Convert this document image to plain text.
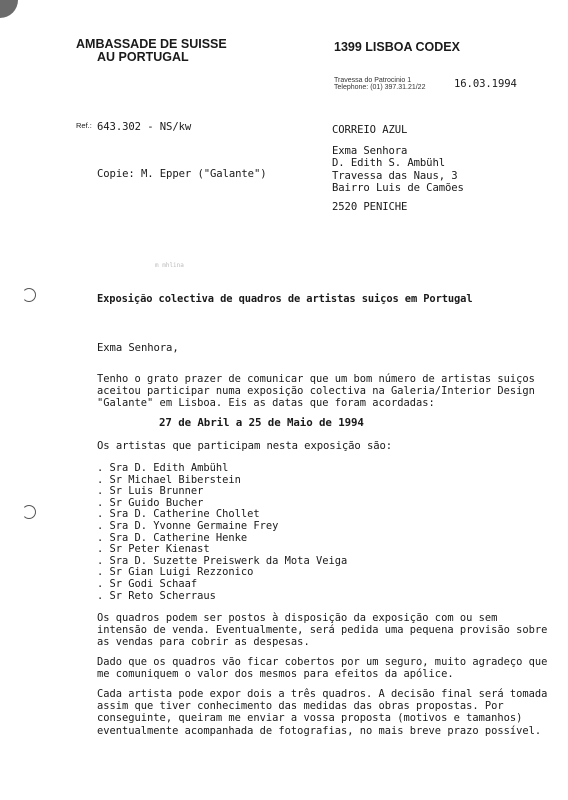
AMBASSADE DE SUISSE
AU PORTUGAL
1399 LISBOA CODEX
Travessa do Patrocinio 1
Telephone: (01) 397.31.21/22	16.03.1994
Ref.: 643.302 - NS/kw
Copie: M. Epper ("Galante")
CORREIO AZUL
Exma Senhora
D. Edith S. Ambühl
Travessa das Naus, 3
Bairro Luis de Camões
2520 PENICHE
m mhlina
Exposição colectiva de quadros de artistas suiços em Portugal
Exma Senhora,
Tenho o grato prazer de comunicar que um bom número de artistas suiços
aceitou participar numa exposição colectiva na Galeria/Interior Design
"Galante" em Lisboa. Eis as datas que foram acordadas:
27 de Abril a 25 de Maio de 1994
Os artistas que participam nesta exposição são:
. Sra D. Edith Ambühl
. Sr Michael Biberstein
. Sr Luis Brunner
. Sr Guido Bucher
. Sra D. Catherine Chollet
. Sra D. Yvonne Germaine Frey
. Sra D. Catherine Henke
. Sr Peter Kienast
. Sra D. Suzette Preiswerk da Mota Veiga
. Sr Gian Luigi Rezzonico
. Sr Godi Schaaf
. Sr Reto Scherraus
Os quadros podem ser postos à disposição da exposição com ou sem
intensão de venda. Eventualmente, será pedida uma pequena provisão sobre
as vendas para cobrir as despesas.
Dado que os quadros vão ficar cobertos por um seguro, muito agradeço que
me comuniquem o valor dos mesmos para efeitos da apólice.
Cada artista pode expor dois a três quadros. A decisão final será tomada
assim que tiver conhecimento das medidas das obras propostas. Por
conseguinte, queiram me enviar a vossa proposta (motivos e tamanhos)
eventualmente acompanhada de fotografias, no mais breve prazo possível.
